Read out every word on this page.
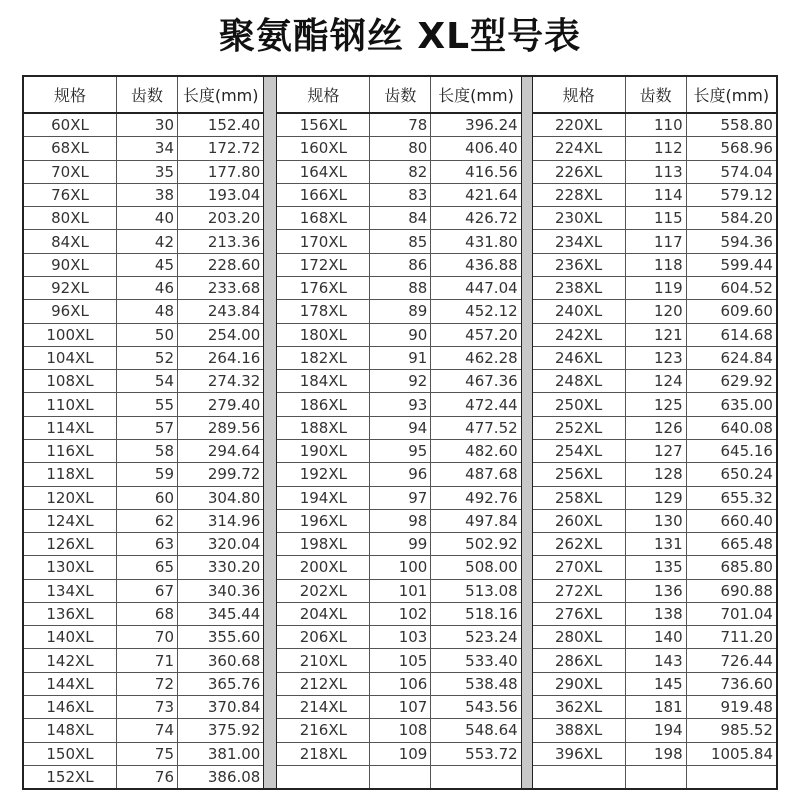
聚氨酯钢丝 XL型号表
规格	齿数	长度(mm)
60XL	30	152.40
68XL	34	172.72
70XL	35	177.80
76XL	38	193.04
80XL	40	203.20
84XL	42	213.36
90XL	45	228.60
92XL	46	233.68
96XL	48	243.84
100XL	50	254.00
104XL	52	264.16
108XL	54	274.32
110XL	55	279.40
114XL	57	289.56
116XL	58	294.64
118XL	59	299.72
120XL	60	304.80
124XL	62	314.96
126XL	63	320.04
130XL	65	330.20
134XL	67	340.36
136XL	68	345.44
140XL	70	355.60
142XL	71	360.68
144XL	72	365.76
146XL	73	370.84
148XL	74	375.92
150XL	75	381.00
152XL	76	386.08
规格	齿数	长度(mm)
156XL	78	396.24
160XL	80	406.40
164XL	82	416.56
166XL	83	421.64
168XL	84	426.72
170XL	85	431.80
172XL	86	436.88
176XL	88	447.04
178XL	89	452.12
180XL	90	457.20
182XL	91	462.28
184XL	92	467.36
186XL	93	472.44
188XL	94	477.52
190XL	95	482.60
192XL	96	487.68
194XL	97	492.76
196XL	98	497.84
198XL	99	502.92
200XL	100	508.00
202XL	101	513.08
204XL	102	518.16
206XL	103	523.24
210XL	105	533.40
212XL	106	538.48
214XL	107	543.56
216XL	108	548.64
218XL	109	553.72
规格	齿数	长度(mm)
220XL	110	558.80
224XL	112	568.96
226XL	113	574.04
228XL	114	579.12
230XL	115	584.20
234XL	117	594.36
236XL	118	599.44
238XL	119	604.52
240XL	120	609.60
242XL	121	614.68
246XL	123	624.84
248XL	124	629.92
250XL	125	635.00
252XL	126	640.08
254XL	127	645.16
256XL	128	650.24
258XL	129	655.32
260XL	130	660.40
262XL	131	665.48
270XL	135	685.80
272XL	136	690.88
276XL	138	701.04
280XL	140	711.20
286XL	143	726.44
290XL	145	736.60
362XL	181	919.48
388XL	194	985.52
396XL	198	1005.84
